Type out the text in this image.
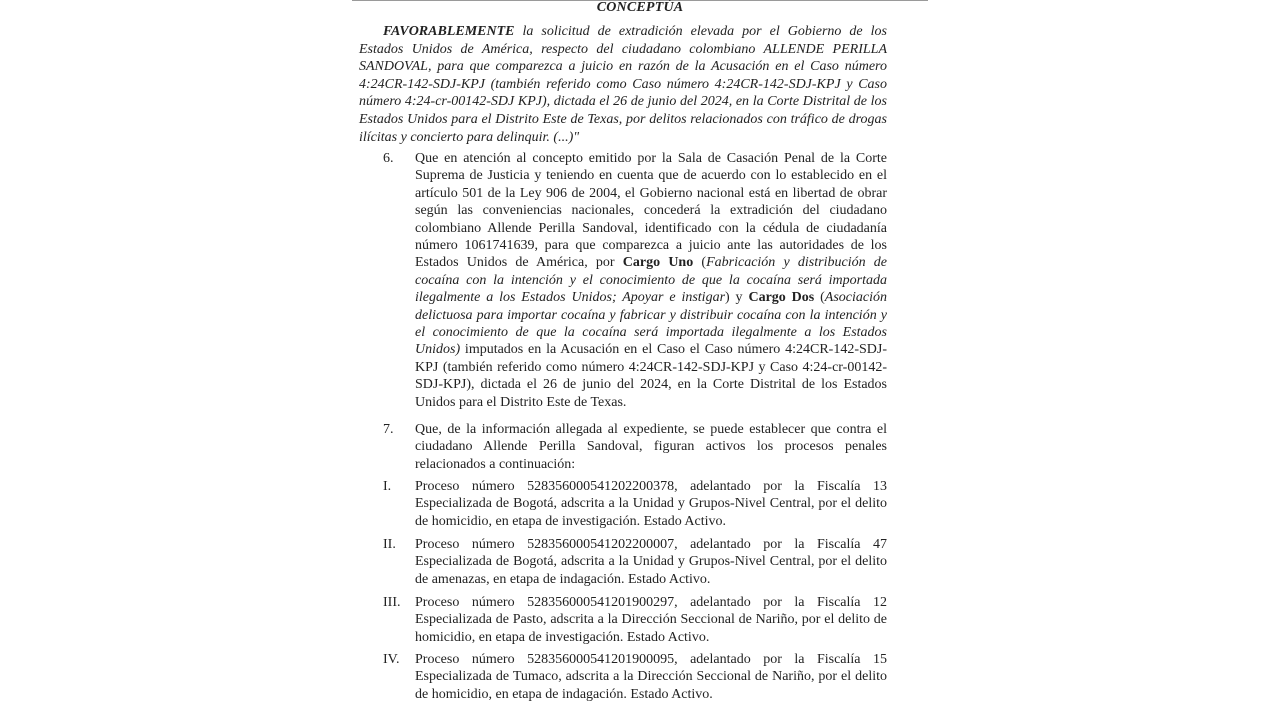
CONCEPTÚA
FAVORABLEMENTE la solicitud de extradición elevada por el Gobierno de los Estados Unidos de América, respecto del ciudadano colombiano ALLENDE PERILLA SANDOVAL, para que comparezca a juicio en razón de la Acusación en el Caso número 4:24CR-142-SDJ-KPJ (también referido como Caso número 4:24CR-142-SDJ-KPJ y Caso número 4:24-cr-00142-SDJ KPJ), dictada el 26 de junio del 2024, en la Corte Distrital de los Estados Unidos para el Distrito Este de Texas, por delitos relacionados con tráfico de drogas ilícitas y concierto para delinquir. (...)"
6.	Que en atención al concepto emitido por la Sala de Casación Penal de la Corte Suprema de Justicia y teniendo en cuenta que de acuerdo con lo establecido en el artículo 501 de la Ley 906 de 2004, el Gobierno nacional está en libertad de obrar según las conveniencias nacionales, concederá la extradición del ciudadano colombiano Allende Perilla Sandoval, identificado con la cédula de ciudadanía número 1061741639, para que comparezca a juicio ante las autoridades de los Estados Unidos de América, por Cargo Uno (Fabricación y distribución de cocaína con la intención y el conocimiento de que la cocaína será importada ilegalmente a los Estados Unidos; Apoyar e instigar) y Cargo Dos (Asociación delictuosa para importar cocaína y fabricar y distribuir cocaína con la intención y el conocimiento de que la cocaína será importada ilegalmente a los Estados Unidos) imputados en la Acusación en el Caso el Caso número 4:24CR-142-SDJ-KPJ (también referido como número 4:24CR-142-SDJ-KPJ y Caso 4:24-cr-00142-SDJ-KPJ), dictada el 26 de junio del 2024, en la Corte Distrital de los Estados Unidos para el Distrito Este de Texas.
7.	Que, de la información allegada al expediente, se puede establecer que contra el ciudadano Allende Perilla Sandoval, figuran activos los procesos penales relacionados a continuación:
I.	Proceso número 528356000541202200378, adelantado por la Fiscalía 13 Especializada de Bogotá, adscrita a la Unidad y Grupos-Nivel Central, por el delito de homicidio, en etapa de investigación. Estado Activo.
II.	Proceso número 528356000541202200007, adelantado por la Fiscalía 47 Especializada de Bogotá, adscrita a la Unidad y Grupos-Nivel Central, por el delito de amenazas, en etapa de indagación. Estado Activo.
III.	Proceso número 528356000541201900297, adelantado por la Fiscalía 12 Especializada de Pasto, adscrita a la Dirección Seccional de Nariño, por el delito de homicidio, en etapa de investigación. Estado Activo.
IV.	Proceso número 528356000541201900095, adelantado por la Fiscalía 15 Especializada de Tumaco, adscrita a la Dirección Seccional de Nariño, por el delito de homicidio, en etapa de indagación. Estado Activo.
